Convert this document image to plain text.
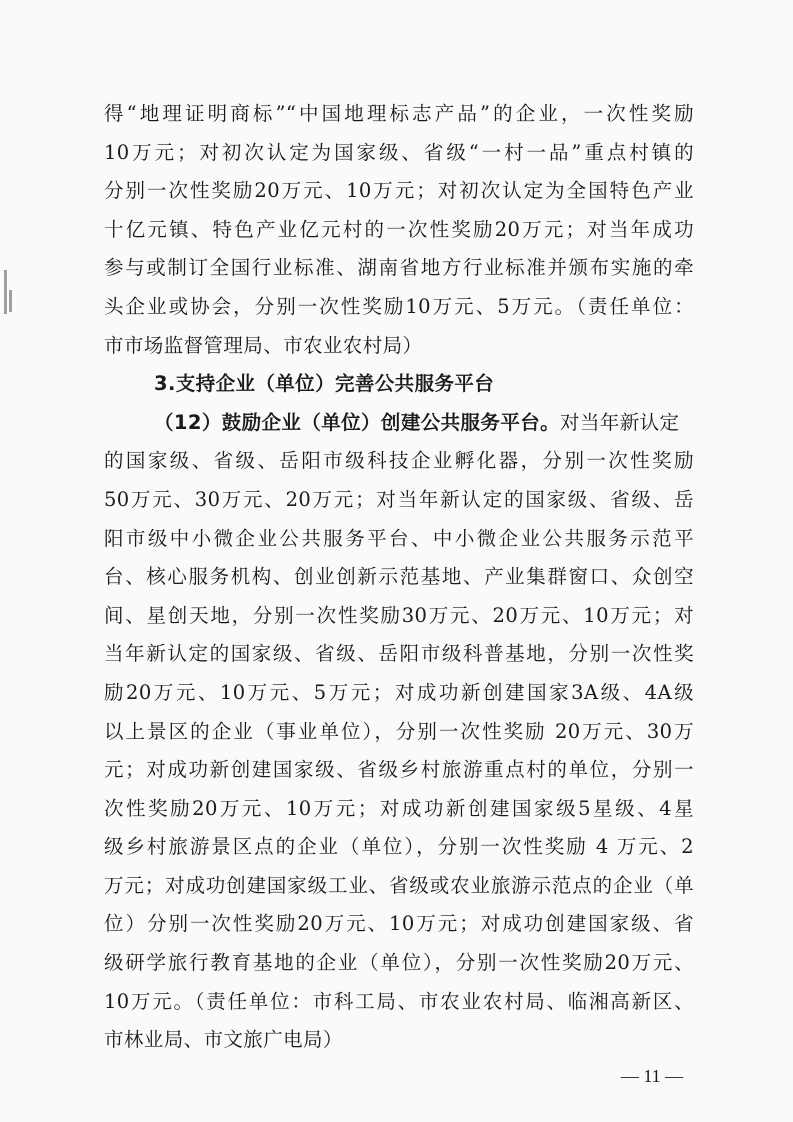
得“地理证明商标”“中国地理标志产品”的企业，一次性奖励
10万元；对初次认定为国家级、省级“一村一品”重点村镇的
分别一次性奖励20万元、10万元；对初次认定为全国特色产业
十亿元镇、特色产业亿元村的一次性奖励20万元；对当年成功
参与或制订全国行业标准、湖南省地方行业标准并颁布实施的牵
头企业或协会，分别一次性奖励10万元、5万元。（责任单位：
市市场监督管理局、市农业农村局）
3.支持企业（单位）完善公共服务平台
（12）鼓励企业（单位）创建公共服务平台。对当年新认定
的国家级、省级、岳阳市级科技企业孵化器，分别一次性奖励
50万元、30万元、20万元；对当年新认定的国家级、省级、岳
阳市级中小微企业公共服务平台、中小微企业公共服务示范平
台、核心服务机构、创业创新示范基地、产业集群窗口、众创空
间、星创天地，分别一次性奖励30万元、20万元、10万元；对
当年新认定的国家级、省级、岳阳市级科普基地，分别一次性奖
励20万元、10万元、5万元；对成功新创建国家3A级、4A级
以上景区的企业（事业单位），分别一次性奖励 20万元、30万
元；对成功新创建国家级、省级乡村旅游重点村的单位，分别一
次性奖励20万元、10万元；对成功新创建国家级5星级、4星
级乡村旅游景区点的企业（单位），分别一次性奖励 4 万元、2
万元；对成功创建国家级工业、省级或农业旅游示范点的企业（单
位）分别一次性奖励20万元、10万元；对成功创建国家级、省
级研学旅行教育基地的企业（单位），分别一次性奖励20万元、
10万元。（责任单位：市科工局、市农业农村局、临湘高新区、
市林业局、市文旅广电局）
— 11 —
